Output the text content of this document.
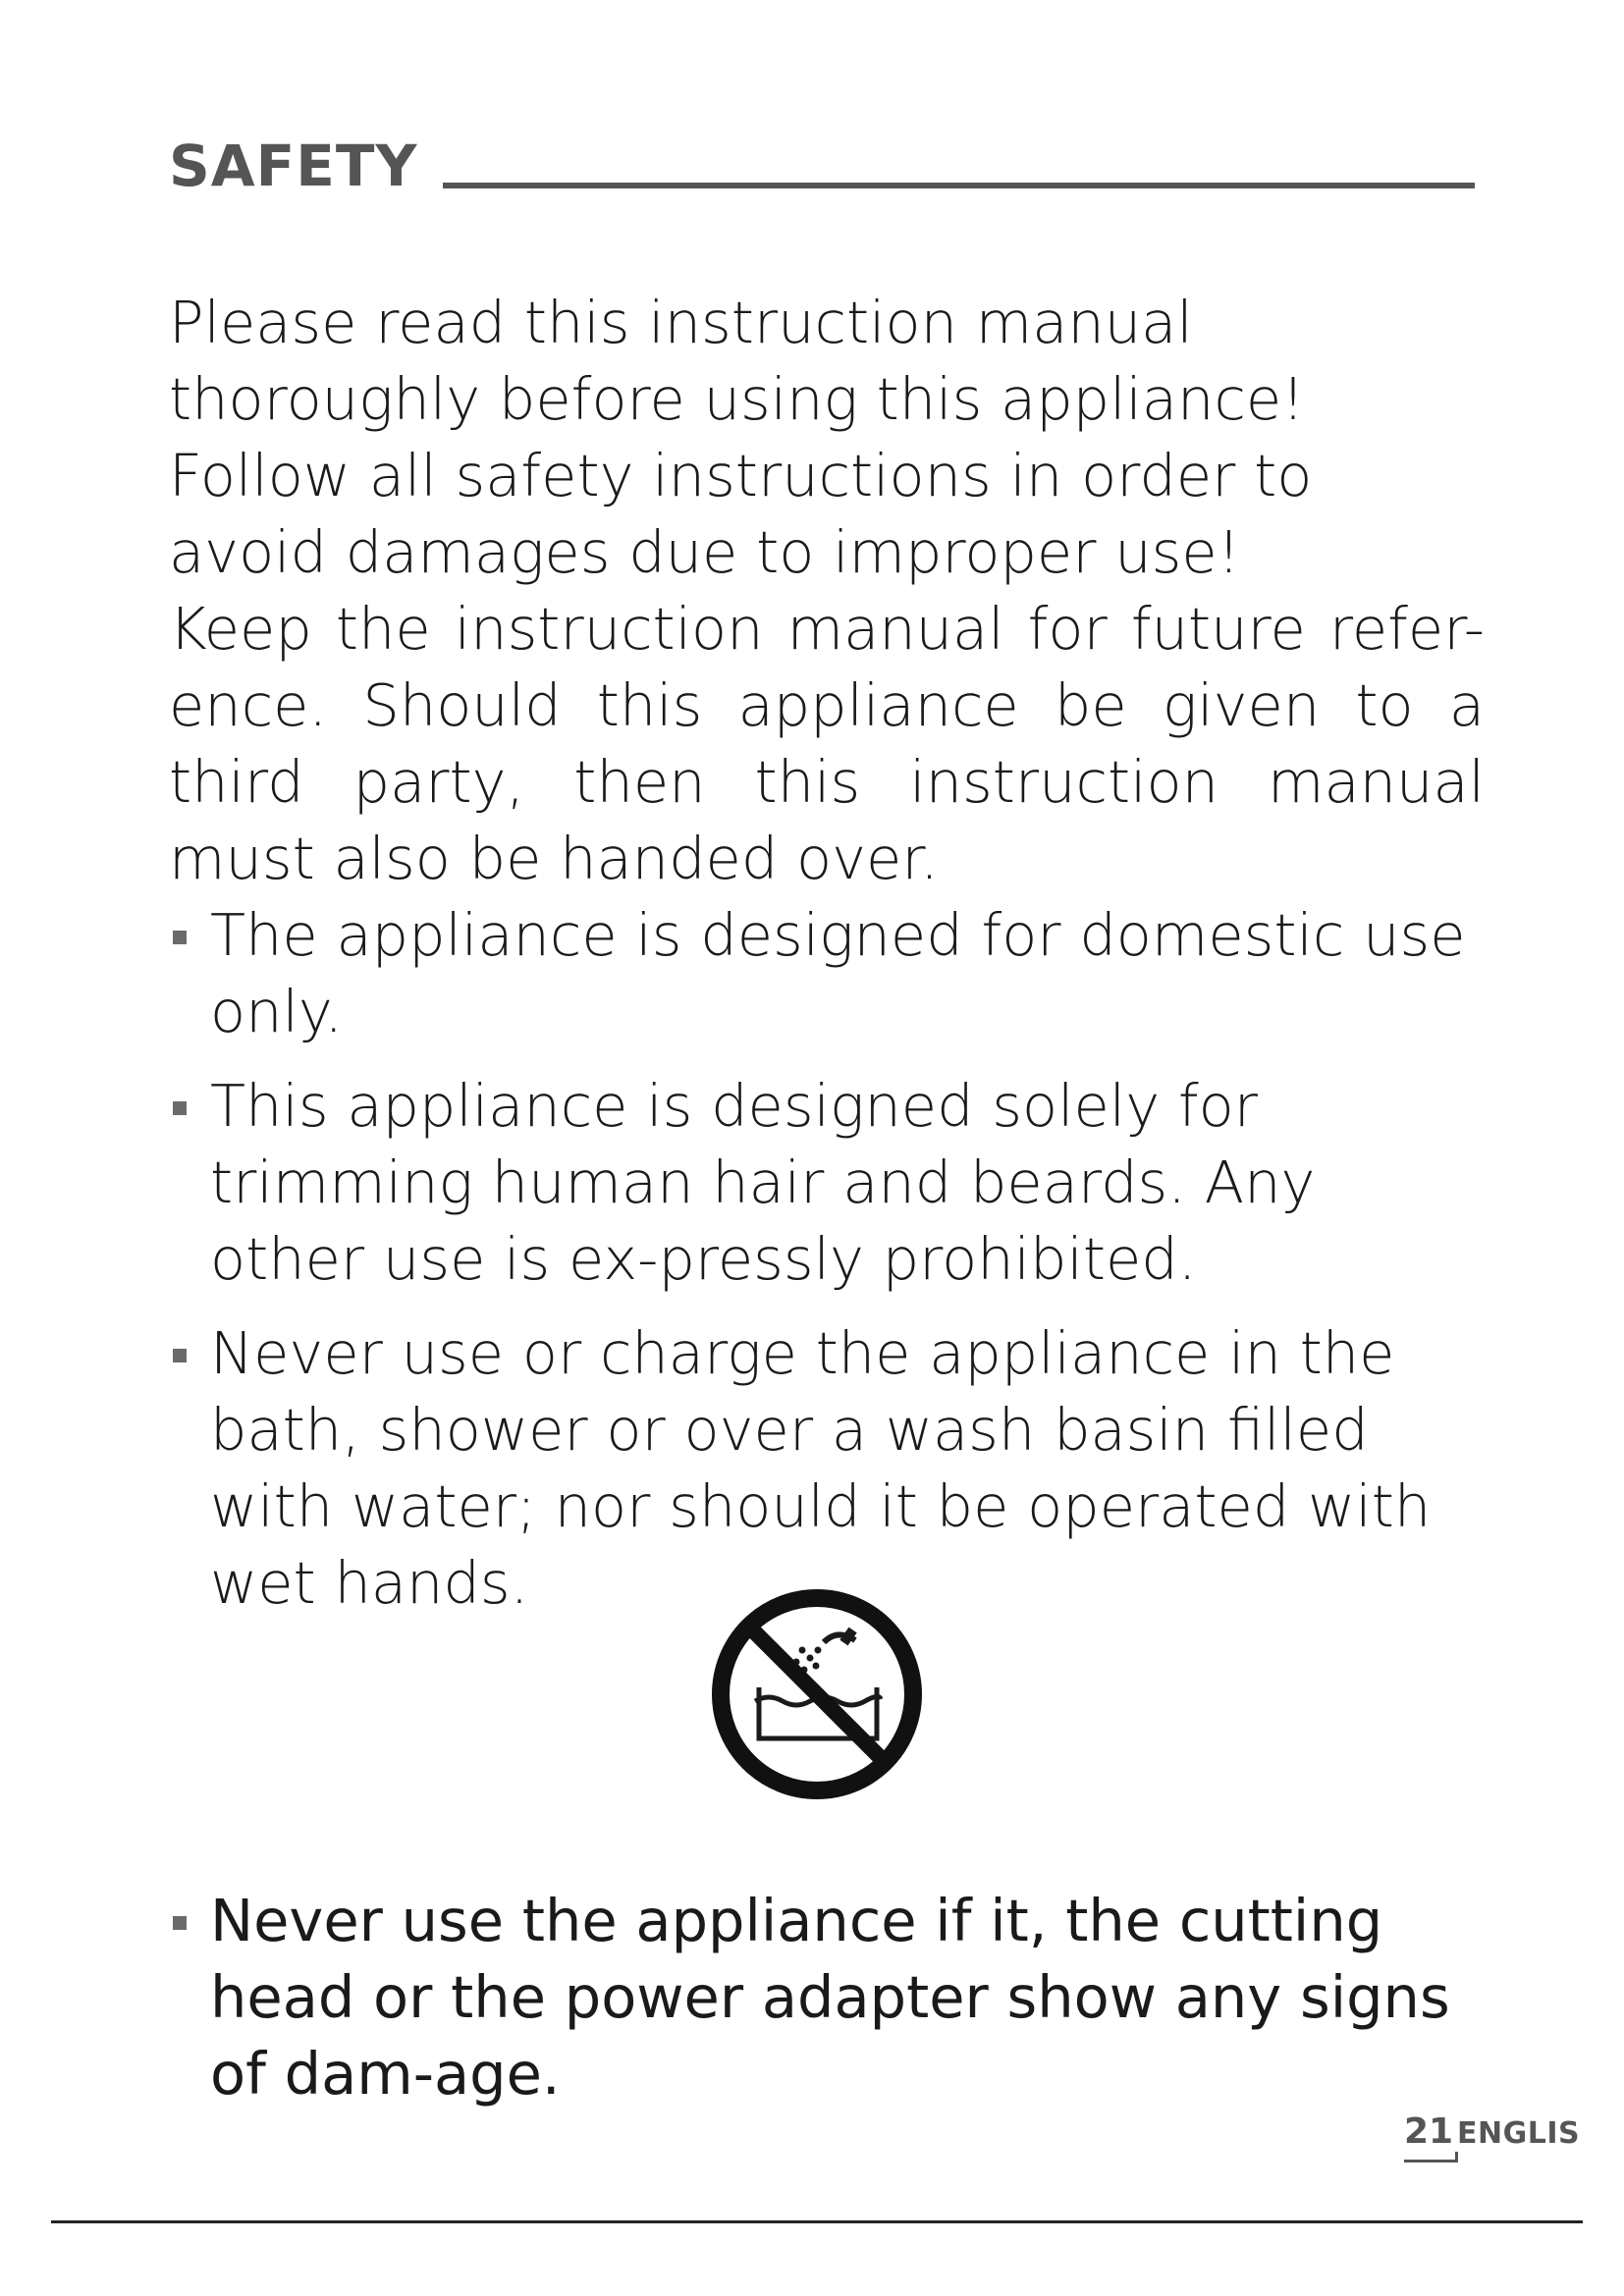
SAFETY

Please read this instruction manual thoroughly before using this appliance! Follow all safety instructions in order to avoid damages due to improper use!

Keep the instruction manual for future refer-ence. Should this appliance be given to a third party, then this instruction manual must also be handed over.

The appliance is designed for domestic use only.
This appliance is designed solely for trimming human hair and beards. Any other use is ex-pressly prohibited.
Never use or charge the appliance in the bath, shower or over a wash basin filled with water; nor should it be operated with wet hands.
Never use the appliance if it, the cutting head or the power adapter show any signs of dam-age.
21 ENGLIS
